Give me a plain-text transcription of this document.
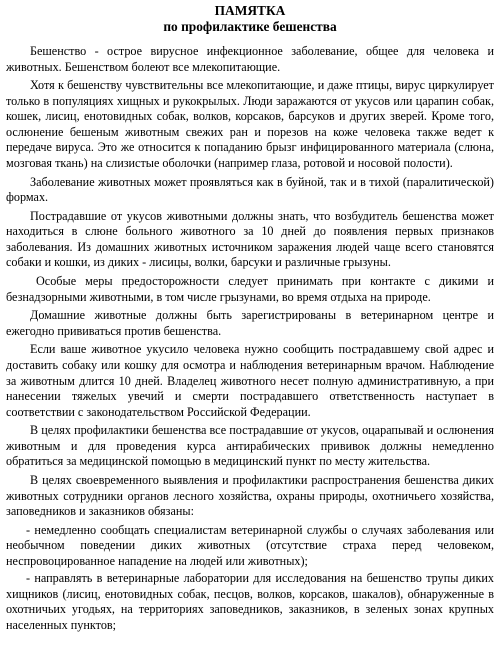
ПАМЯТКА
по профилактике бешенства

Бешенство - острое вирусное инфекционное заболевание, общее для человека и животных. Бешенством болеют все млекопитающие.

Хотя к бешенству чувствительны все млекопитающие, и даже птицы, вирус циркулирует только в популяциях хищных и рукокрылых. Люди заражаются от укусов или царапин собак, кошек, лисиц, енотовидных собак, волков, корсаков, барсуков и других зверей. Кроме того, ослюнение бешеным животным свежих ран и порезов на коже человека также ведет к передаче вируса. Это же относится к попаданию брызг инфицированного материала (слюна, мозговая ткань) на слизистые оболочки (например глаза, ротовой и носовой полости).

Заболевание животных может проявляться как в буйной, так и в тихой (паралитической) формах.

Пострадавшие от укусов животными должны знать, что возбудитель бешенства может находиться в слюне больного животного за 10 дней до появления первых признаков заболевания. Из домашних животных источником заражения людей чаще всего становятся собаки и кошки, из диких - лисицы, волки, барсуки и различные грызуны.

Особые меры предосторожности следует принимать при контакте с дикими и безнадзорными животными, в том числе грызунами, во время отдыха на природе.

Домашние животные должны быть зарегистрированы в ветеринарном центре и ежегодно прививаться против бешенства.

Если ваше животное укусило человека нужно сообщить пострадавшему свой адрес и доставить собаку или кошку для осмотра и наблюдения ветеринарным врачом. Наблюдение за животным длится 10 дней. Владелец животного несет полную административную, а при нанесении тяжелых увечий и смерти пострадавшего ответственность наступает в соответствии с законодательством Российской Федерации.

В целях профилактики бешенства все пострадавшие от укусов, оцарапывай и ослюнения животным и для проведения курса антирабических прививок должны немедленно обратиться за медицинской помощью в медицинский пункт по месту жительства.

В целях своевременного выявления и профилактики распространения бешенства диких животных сотрудники органов лесного хозяйства, охраны природы, охотничьего хозяйства, заповедников и заказников обязаны:

- немедленно сообщать специалистам ветеринарной службы о случаях заболевания или необычном поведении диких животных (отсутствие страха перед человеком, неспровоцированное нападение на людей или животных);

- направлять в ветеринарные лаборатории для исследования на бешенство трупы диких хищников (лисиц, енотовидных собак, песцов, волков, корсаков, шакалов), обнаруженные в охотничьих угодьях, на территориях заповедников, заказников, в зеленых зонах крупных населенных пунктов;
